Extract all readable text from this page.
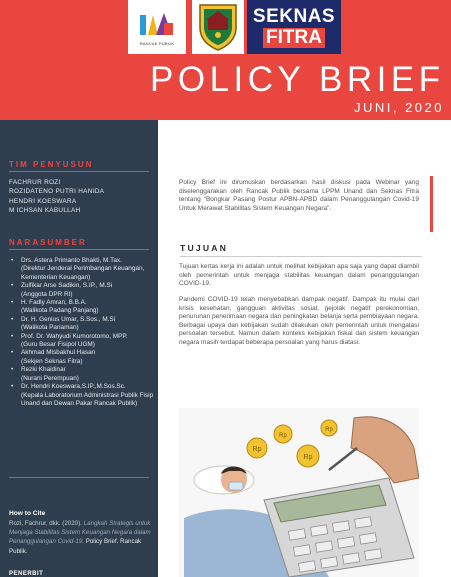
RANCAK PUBLIK
SEKNAS
FITRA
POLICY BRIEF
JUNI, 2020
TIM PENYUSUN
FACHRUR ROZI
ROZIDATENO PUTRI HANIDA
HENDRI KOESWARA
M ICHSAN KABULLAH
NARASUMBER
• Drs. Astera Primanto Bhakti, M.Tax.
(Direktur Jenderal Perimbangan Keuangan, Kementerian Keuangan)
• Zulfikar Arse Sadikin, S.IP., M.Si
(Anggota DPR RI)
• H. Fadly Amran, B.B.A.
(Walikota Padang Panjang)
• Dr. H. Genius Umar, S.Sos., M.Si
(Walikota Pariaman)
• Prof. Dr. Wahyudi Kumorotomo, MPP.
(Guru Besar Fisipol UGM)
• Akhmad Misbakhul Hasan
(Sekjen Seknas Fitra)
• Rezki Khaidinar
(Nurani Perempuan)
• Dr. Hendri Koeswara,S.IP.,M.Sos.Sc.
(Kepala Laboratorium Administrasi Publik Fisip Unand dan Dewan Pakar Rancak Publik)
How to Cite

Rozi, Fachrur, dkk. (2020). Langkah Strategis untuk Menjaga Stabilitas Sistem Keuangan Negara dalam Penanggulangan Covid-19. Policy Brief. Rancak Publik.

PENERBIT

Policy Brief ini dirumuskan berdasarkan hasil diskusi pada Webinar yang diselenggarakan oleh Rancak Publik bersama LPPM Unand dan Seknas Fitra tentang "Bongkar Pasang Postur APBN-APBD dalam Penanggulangan Covid-19 Untuk Merawat Stabilitas Sistem Keuangan Negara".

TUJUAN

Tujuan kertas kerja ini adalah untuk melihat kebijakan apa saja yang dapat diambil oleh pemerintah untuk menjaga stabilitas keuangan dalam penanggulangan COVID-19.

Pandemi COVID-19 telah menyebabkan dampak negatif. Dampak itu mulai dari krisis kesehatan, gangguan aktivitas sosial, gejolak negatif perekonomian, penurunan penerimaan negara dan peningkatan belanja serta pembiayaan negara. Berbagai upaya dan kebijakan sudah dilakukan oleh pemerintah untuk mengatasi persoalan tersebut. Namun dalam konteks kebijakan fiskal dan sistem keuangan negara masih terdapat beberapa persoalan yang harus diatasi.

Rp
Rp
Rp
Rp
